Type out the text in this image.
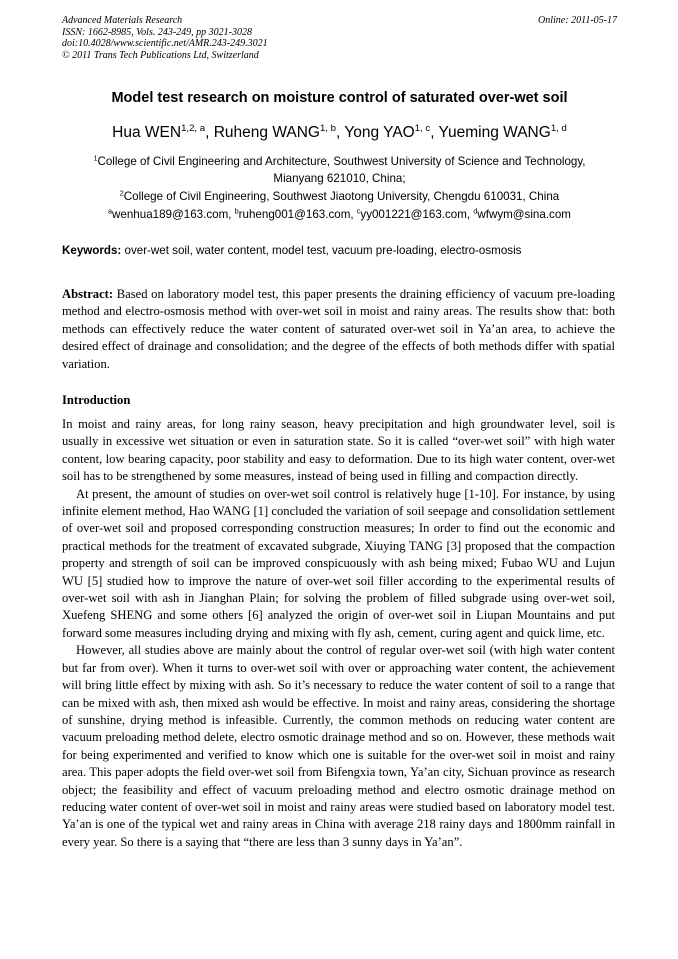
Advanced Materials Research
ISSN: 1662-8985, Vols. 243-249, pp 3021-3028
doi:10.4028/www.scientific.net/AMR.243-249.3021
© 2011 Trans Tech Publications Ltd, Switzerland
Online: 2011-05-17
Model test research on moisture control of saturated over-wet soil
Hua WEN$^{1,2, a}$, Ruheng WANG$^{1, b}$, Yong YAO$^{1, c}$, Yueming WANG$^{1, d}$
$^1$College of Civil Engineering and Architecture, Southwest University of Science and Technology,
Mianyang 621010, China;
$^2$College of Civil Engineering, Southwest Jiaotong University, Chengdu 610031, China
$^a$wenhua189@163.com, $^b$ruheng001@163.com, $^c$yy001221@163.com, $^d$wfwym@sina.com
Keywords: over-wet soil, water content, model test, vacuum pre-loading, electro-osmosis
Abstract: Based on laboratory model test, this paper presents the draining efficiency of vacuum pre-loading method and electro-osmosis method with over-wet soil in moist and rainy areas. The results show that: both methods can effectively reduce the water content of saturated over-wet soil in Ya’an area, to achieve the desired effect of drainage and consolidation; and the degree of the effects of both methods differ with spatial variation.
Introduction

In moist and rainy areas, for long rainy season, heavy precipitation and high groundwater level, soil is usually in excessive wet situation or even in saturation state. So it is called “over-wet soil” with high water content, low bearing capacity, poor stability and easy to deformation. Due to its high water content, over-wet soil has to be strengthened by some measures, instead of being used in filling and compaction directly.

At present, the amount of studies on over-wet soil control is relatively huge [1-10]. For instance, by using infinite element method, Hao WANG [1] concluded the variation of soil seepage and consolidation settlement of over-wet soil and proposed corresponding construction measures; In order to find out the economic and practical methods for the treatment of excavated subgrade, Xiuying TANG [3] proposed that the compaction property and strength of soil can be improved conspicuously with ash being mixed; Fubao WU and Lujun WU [5] studied how to improve the nature of over-wet soil filler according to the experimental results of over-wet soil with ash in Jianghan Plain; for solving the problem of filled subgrade using over-wet soil, Xuefeng SHENG and some others [6] analyzed the origin of over-wet soil in Liupan Mountains and put forward some measures including drying and mixing with fly ash, cement, curing agent and quick lime, etc.

However, all studies above are mainly about the control of regular over-wet soil (with high water content but far from over). When it turns to over-wet soil with over or approaching water content, the achievement will bring little effect by mixing with ash. So it’s necessary to reduce the water content of soil to a range that can be mixed with ash, then mixed ash would be effective. In moist and rainy areas, considering the shortage of sunshine, drying method is infeasible. Currently, the common methods on reducing water content are vacuum preloading method delete, electro osmotic drainage method and so on. However, these methods wait for being experimented and verified to know which one is suitable for the over-wet soil in moist and rainy area. This paper adopts the field over-wet soil from Bifengxia town, Ya’an city, Sichuan province as research object; the feasibility and effect of vacuum preloading method and electro osmotic drainage method on reducing water content of over-wet soil in moist and rainy areas were studied based on laboratory model test. Ya’an is one of the typical wet and rainy areas in China with average 218 rainy days and 1800mm rainfall in every year. So there is a saying that “there are less than 3 sunny days in Ya’an”.
